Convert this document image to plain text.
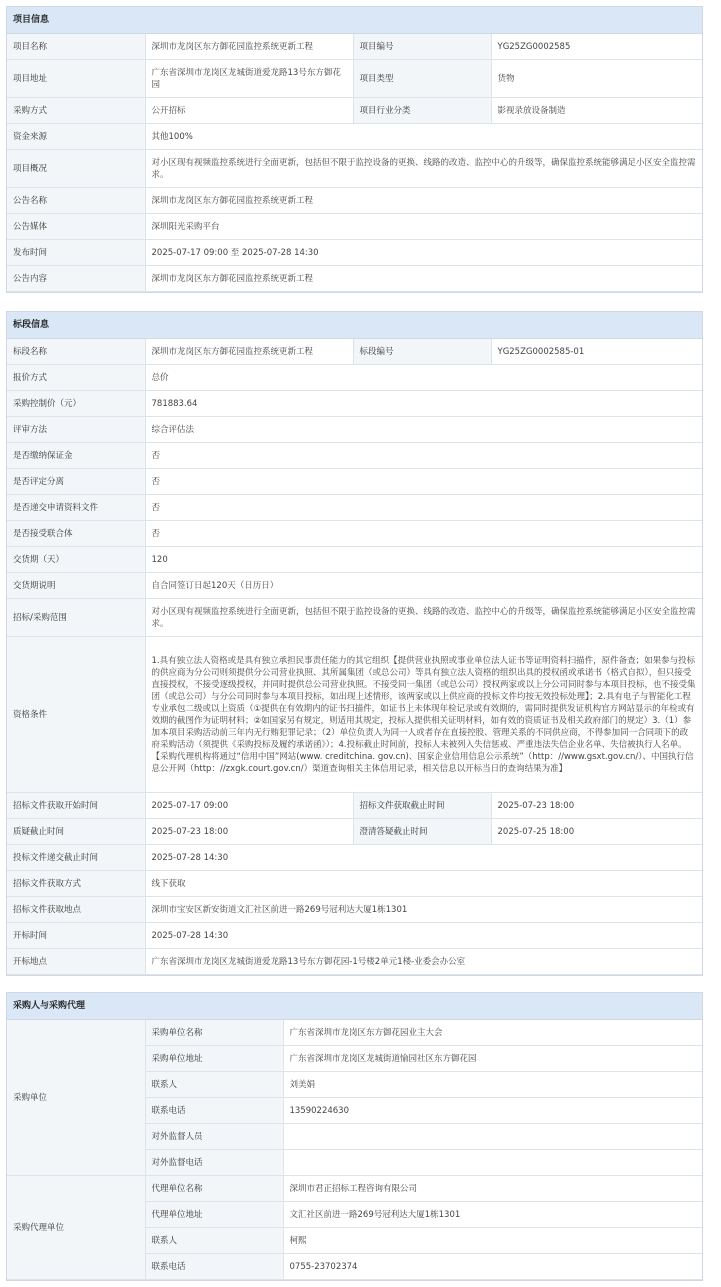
项目信息
项目名称	深圳市龙岗区东方御花园监控系统更新工程	项目编号	YG25ZG0002585
项目地址	广东省深圳市龙岗区龙城街道爱龙路13号东方御花园	项目类型	货物
采购方式	公开招标	项目行业分类	影视录放设备制造
资金来源	其他100%		
项目概况	对小区现有视频监控系统进行全面更新，包括但不限于监控设备的更换、线路的改造、监控中心的升级等，确保监控系统能够满足小区安全监控需求。		
公告名称	深圳市龙岗区东方御花园监控系统更新工程		
公告媒体	深圳阳光采购平台		
发布时间	2025-07-17 09:00 至 2025-07-28 14:30		
公告内容	深圳市龙岗区东方御花园监控系统更新工程		
标段信息
标段名称	深圳市龙岗区东方御花园监控系统更新工程	标段编号	YG25ZG0002585-01
报价方式	总价		
采购控制价（元）	781883.64		
评审方法	综合评估法		
是否缴纳保证金	否		
是否评定分离	否		
是否递交申请资料文件	否		
是否接受联合体	否		
交货期（天）	120		
交货期说明	自合同签订日起120天（日历日）		
招标/采购范围	对小区现有视频监控系统进行全面更新，包括但不限于监控设备的更换、线路的改造、监控中心的升级等，确保监控系统能够满足小区安全监控需求。		
资格条件	1.具有独立法人资格或是具有独立承担民事责任能力的其它组织【提供营业执照或事业单位法人证书等证明资料扫描件，原件备查；如果参与投标的供应商为分公司则须提供分公司营业执照、其所属集团（或总公司）等具有独立法人资格的组织出具的授权函或承诺书（格式自拟），但只接受直接授权，不接受逐级授权，并同时提供总公司营业执照。不接受同一集团（或总公司）授权两家或以上分公司同时参与本项目投标，也不接受集团（或总公司）与分公司同时参与本项目投标，如出现上述情形，该两家或以上供应商的投标文件均按无效投标处理】；2.具有电子与智能化工程专业承包二级或以上资质（①提供在有效期内的证书扫描件，如证书上未体现年检记录或有效期的，需同时提供发证机构官方网站显示的年检或有效期的截图作为证明材料；②如国家另有规定，则适用其规定，投标人提供相关证明材料，如有效的资质证书及相关政府部门的规定）3.（1）参加本项目采购活动前三年内无行贿犯罪记录；（2）单位负责人为同一人或者存在直接控股、管理关系的不同供应商，不得参加同一合同项下的政府采购活动（须提供《采购投标及履约承诺函》）；4.投标截止时间前，投标人未被列入失信惩戒、严重违法失信企业名单、失信被执行人名单。【采购代理机构将通过“信用中国”网站(www. creditchina. gov.cn)、国家企业信用信息公示系统”（http：//www.gsxt.gov.cn/）、中国执行信息公开网（http：//zxgk.court.gov.cn/）渠道查询相关主体信用记录，相关信息以开标当日的查询结果为准】		
招标文件获取开始时间	2025-07-17 09:00	招标文件获取截止时间	2025-07-23 18:00
质疑截止时间	2025-07-23 18:00	澄清答疑截止时间	2025-07-25 18:00
投标文件递交截止时间	2025-07-28 14:30		
招标文件获取方式	线下获取		
招标文件获取地点	深圳市宝安区新安街道文汇社区前进一路269号冠利达大厦1栋1301		
开标时间	2025-07-28 14:30		
开标地点	广东省深圳市龙岗区龙城街道爱龙路13号东方御花园-1号楼2单元1楼-业委会办公室		
采购人与采购代理
采购单位	采购单位名称	广东省深圳市龙岗区东方御花园业主大会
	采购单位地址	广东省深圳市龙岗区龙城街道愉园社区东方御花园
	联系人	刘美娟
	联系电话	13590224630
	对外监督人员	
	对外监督电话	
采购代理单位	代理单位名称	深圳市君正招标工程咨询有限公司
	代理单位地址	文汇社区前进一路269号冠利达大厦1栋1301
	联系人	柯熙
	联系电话	0755-23702374
